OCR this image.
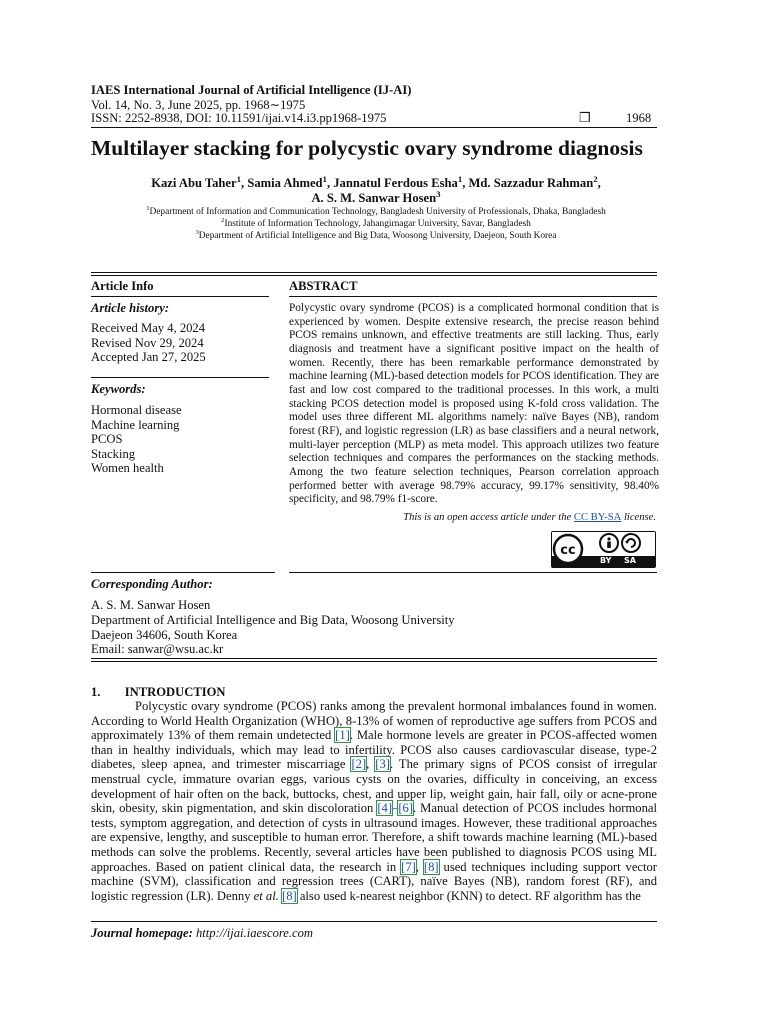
IAES International Journal of Artificial Intelligence (IJ-AI)
Vol. 14, No. 3, June 2025, pp. 1968∼1975
ISSN: 2252-8938, DOI: 10.11591/ijai.v14.i3.pp1968-1975	❒	1968
Multilayer stacking for polycystic ovary syndrome diagnosis
Kazi Abu Taher$^1$, Samia Ahmed$^1$, Jannatul Ferdous Esha$^1$, Md. Sazzadur Rahman$^2$,
A. S. M. Sanwar Hosen$^3$
$^1$Department of Information and Communication Technology, Bangladesh University of Professionals, Dhaka, Bangladesh
$^2$Institute of Information Technology, Jahangirnagar University, Savar, Bangladesh
$^3$Department of Artificial Intelligence and Big Data, Woosong University, Daejeon, South Korea
Article Info
Article history:
Received May 4, 2024
Revised Nov 29, 2024
Accepted Jan 27, 2025
Keywords:
Hormonal disease
Machine learning
PCOS
Stacking
Women health
ABSTRACT
Polycystic ovary syndrome (PCOS) is a complicated hormonal condition that is experienced by women. Despite extensive research, the precise reason behind PCOS remains unknown, and effective treatments are still lacking. Thus, early diagnosis and treatment have a significant positive impact on the health of women. Recently, there has been remarkable performance demonstrated by machine learning (ML)-based detection models for PCOS identification. They are fast and low cost compared to the traditional processes. In this work, a multi stacking PCOS detection model is proposed using K-fold cross validation. The model uses three different ML algorithms namely: naïve Bayes (NB), random forest (RF), and logistic regression (LR) as base classifiers and a neural network, multi-layer perception (MLP) as meta model. This approach utilizes two feature selection techniques and compares the performances on the stacking methods. Among the two feature selection techniques, Pearson correlation approach performed better with average 98.79% accuracy, 99.17% sensitivity, 98.40% specificity, and 98.79% f1-score.
This is an open access article under the CC BY-SA license.
cc
BY SA
Corresponding Author:
A. S. M. Sanwar Hosen
Department of Artificial Intelligence and Big Data, Woosong University
Daejeon 34606, South Korea
Email: sanwar@wsu.ac.kr
1. INTRODUCTION
Polycystic ovary syndrome (PCOS) ranks among the prevalent hormonal imbalances found in women. According to World Health Organization (WHO), 8-13% of women of reproductive age suffers from PCOS and approximately 13% of them remain undetected [1]. Male hormone levels are greater in PCOS-affected women than in healthy individuals, which may lead to infertility. PCOS also causes cardiovascular disease, type-2 diabetes, sleep apnea, and trimester miscarriage [2], [3]. The primary signs of PCOS consist of irregular menstrual cycle, immature ovarian eggs, various cysts on the ovaries, difficulty in conceiving, an excess development of hair often on the back, buttocks, chest, and upper lip, weight gain, hair fall, oily or acne-prone skin, obesity, skin pigmentation, and skin discoloration [4]–[6]. Manual detection of PCOS includes hormonal tests, symptom aggregation, and detection of cysts in ultrasound images. However, these traditional approaches are expensive, lengthy, and susceptible to human error. Therefore, a shift towards machine learning (ML)-based methods can solve the problems. Recently, several articles have been published to diagnosis PCOS using ML approaches. Based on patient clinical data, the research in [7], [8] used techniques including support vector machine (SVM), classification and regression trees (CART), naïve Bayes (NB), random forest (RF), and logistic regression (LR). Denny et al. [8] also used k-nearest neighbor (KNN) to detect. RF algorithm has the
Journal homepage: http://ijai.iaescore.com
